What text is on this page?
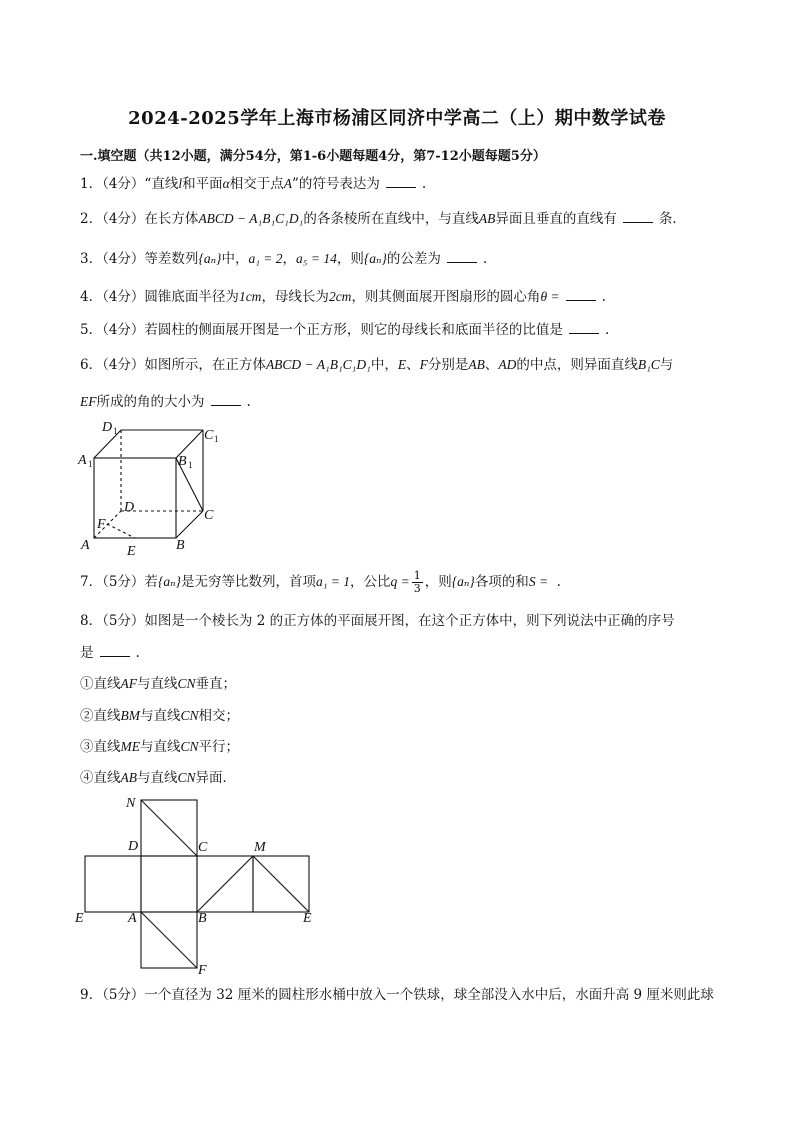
2024-2025学年上海市杨浦区同济中学高二（上）期中数学试卷
一.填空题（共12小题，满分54分，第1-6小题每题4分，第7-12小题每题5分）
1．（4分）“直线l和平面α相交于点A”的符号表达为	.
2．（4分）在长方体ABCD − A₁B₁C₁D₁的各条棱所在直线中，与直线AB异面且垂直的直线有	条．
3．（4分）等差数列{aₙ}中，a₁ = 2，a₅ = 14，则{aₙ}的公差为	.
4．（4分）圆锥底面半径为1cm，母线长为2cm，则其侧面展开图扇形的圆心角θ =	.
5．（4分）若圆柱的侧面展开图是一个正方形，则它的母线长和底面半径的比值是	.
6．（4分）如图所示，在正方体ABCD − A₁B₁C₁D₁中，E、F分别是AB、AD的中点，则异面直线B₁C与
EF所成的角的大小为	.
A 1
D 1	C 1
B 1
D
C
F
A	E	B
7．（5分）若{aₙ}是无穷等比数列，首项a₁ = 1，公比$q = \frac{1}{3}$ ，则{aₙ}各项的和S = .
8．（5分）如图是一个棱长为 2 的正方体的平面展开图，在这个正方体中，则下列说法中正确的序号
是	.
①直线AF与直线CN垂直；
②直线BM与直线CN相交；
③直线ME与直线CN平行；
④直线AB与直线CN异面．
N
D	C	M
E	A	B	E
F
9．（5分）一个直径为 32 厘米的圆柱形水桶中放入一个铁球，球全部没入水中后，水面升高 9 厘米则此球
